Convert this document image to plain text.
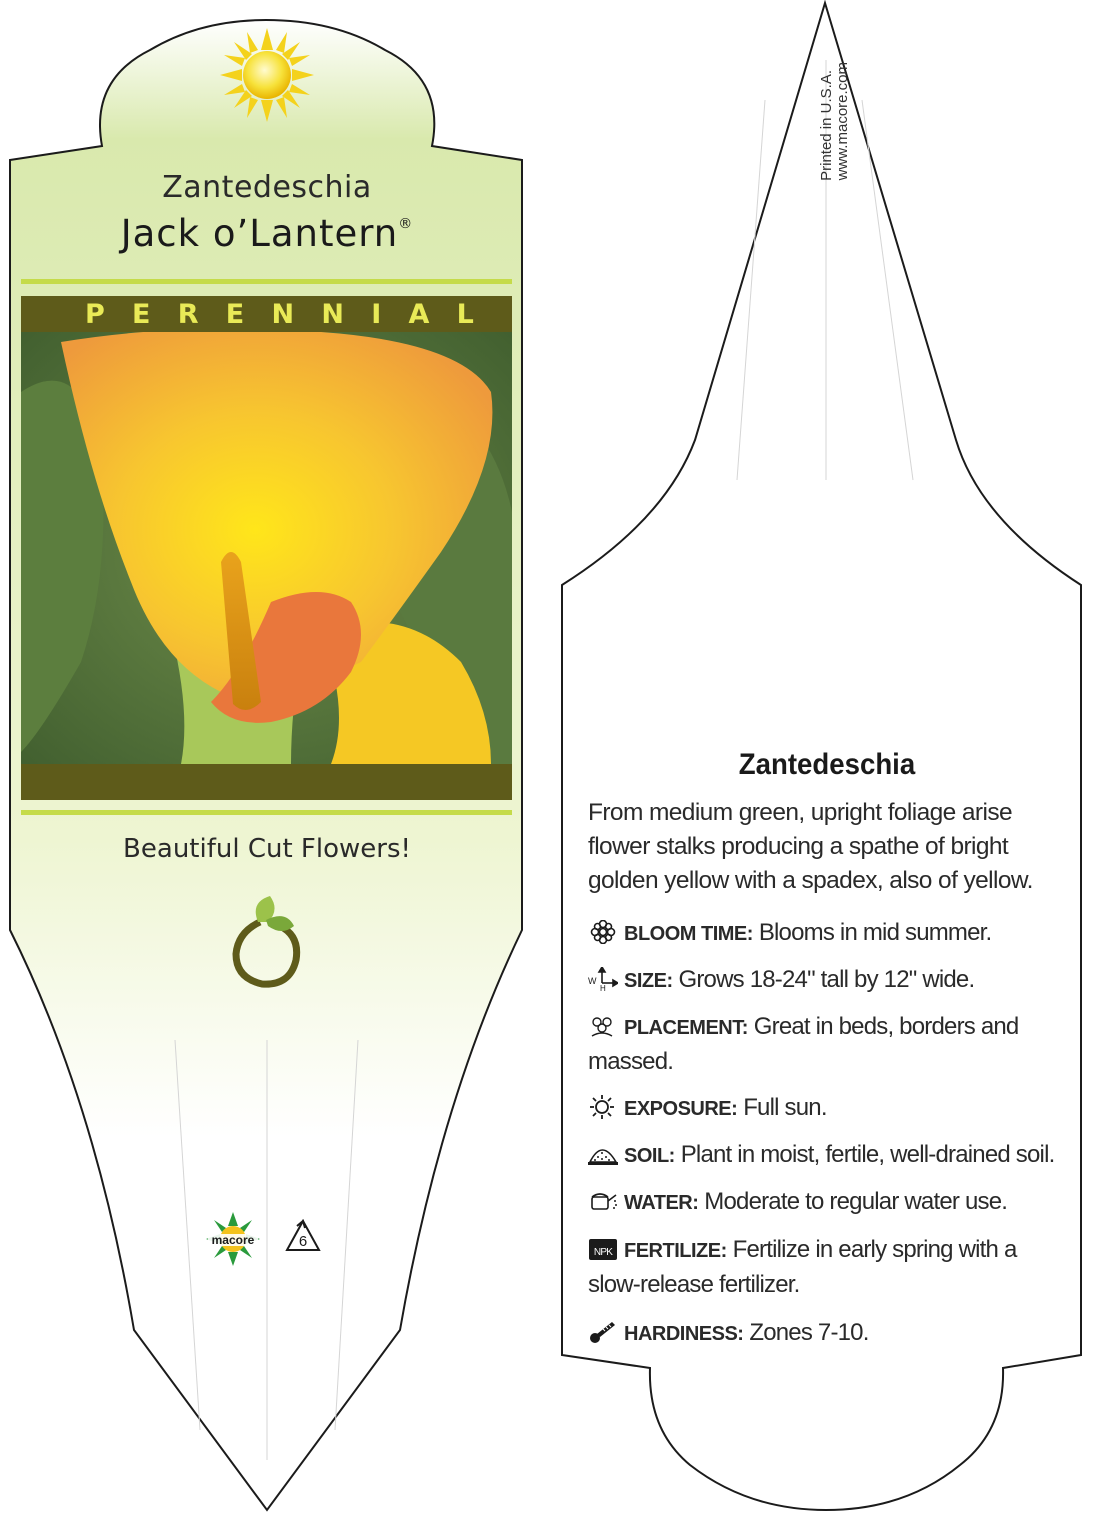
Zantedeschia
Jack o’Lantern®
P E R E N N I A L
Beautiful Cut Flowers!
macore	6
Printed in U.S.A. www.macore.com
Zantedeschia
From medium green, upright foliage arise flower stalks producing a spathe of bright golden yellow with a spadex, also of yellow.
BLOOM TIME: Blooms in mid summer.
W
H SIZE: Grows 18-24" tall by 12" wide.
PLACEMENT: Great in beds, borders and massed.
EXPOSURE: Full sun.
SOIL: Plant in moist, fertile, well-drained soil.
WATER: Moderate to regular water use.
NPK FERTILIZE: Fertilize in early spring with a slow-release fertilizer.
HARDINESS: Zones 7-10.
